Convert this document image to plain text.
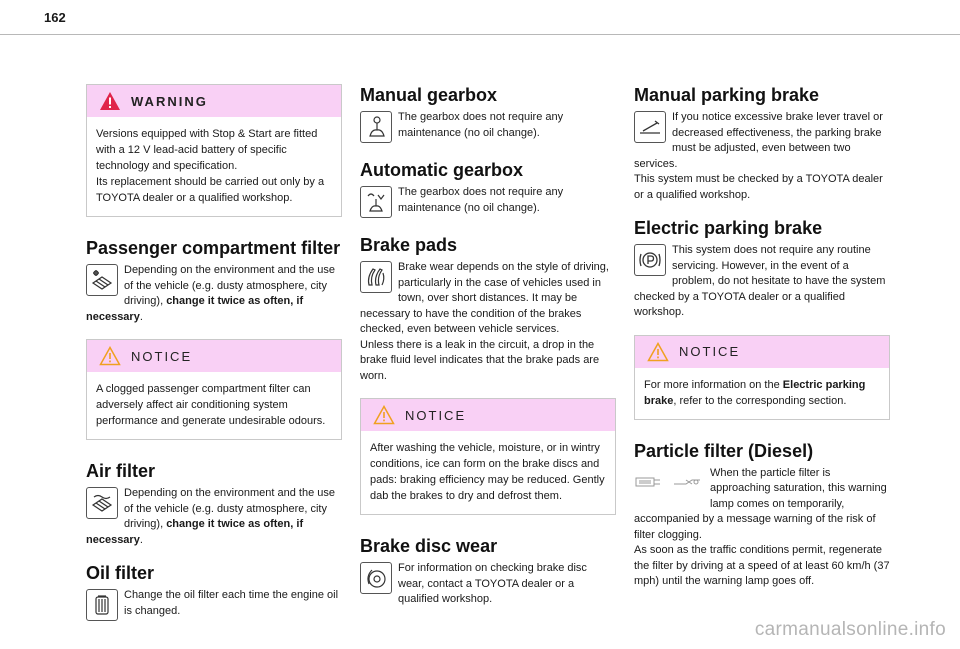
162
WARNING
Versions equipped with Stop & Start are fitted with a 12 V lead-acid battery of specific technology and specification.
Its replacement should be carried out only by a TOYOTA dealer or a qualified workshop.
Passenger compartment filter
Depending on the environment and the use of the vehicle (e.g. dusty atmosphere, city driving), change it twice as often, if necessary.
NOTICE
A clogged passenger compartment filter can adversely affect air conditioning system performance and generate undesirable odours.
Air filter
Depending on the environment and the use of the vehicle (e.g. dusty atmosphere, city driving), change it twice as often, if necessary.
Oil filter
Change the oil filter each time the engine oil is changed.
Manual gearbox
The gearbox does not require any maintenance (no oil change).
Automatic gearbox
The gearbox does not require any maintenance (no oil change).
Brake pads
Brake wear depends on the style of driving, particularly in the case of vehicles used in town, over short distances. It may be necessary to have the condition of the brakes checked, even between vehicle services.
Unless there is a leak in the circuit, a drop in the brake fluid level indicates that the brake pads are worn.
NOTICE
After washing the vehicle, moisture, or in wintry conditions, ice can form on the brake discs and pads: braking efficiency may be reduced. Gently dab the brakes to dry and defrost them.
Brake disc wear
For information on checking brake disc wear, contact a TOYOTA dealer or a qualified workshop.
Manual parking brake
If you notice excessive brake lever travel or decreased effectiveness, the parking brake must be adjusted, even between two services.
This system must be checked by a TOYOTA dealer or a qualified workshop.
Electric parking brake
This system does not require any routine servicing. However, in the event of a problem, do not hesitate to have the system checked by a TOYOTA dealer or a qualified workshop.
NOTICE
For more information on the Electric parking brake, refer to the corresponding section.
Particle filter (Diesel)
When the particle filter is approaching saturation, this warning lamp comes on temporarily, accompanied by a message warning of the risk of filter clogging.
As soon as the traffic conditions permit, regenerate the filter by driving at a speed of at least 60 km/h (37 mph) until the warning lamp goes off.
carmanualsonline.info
